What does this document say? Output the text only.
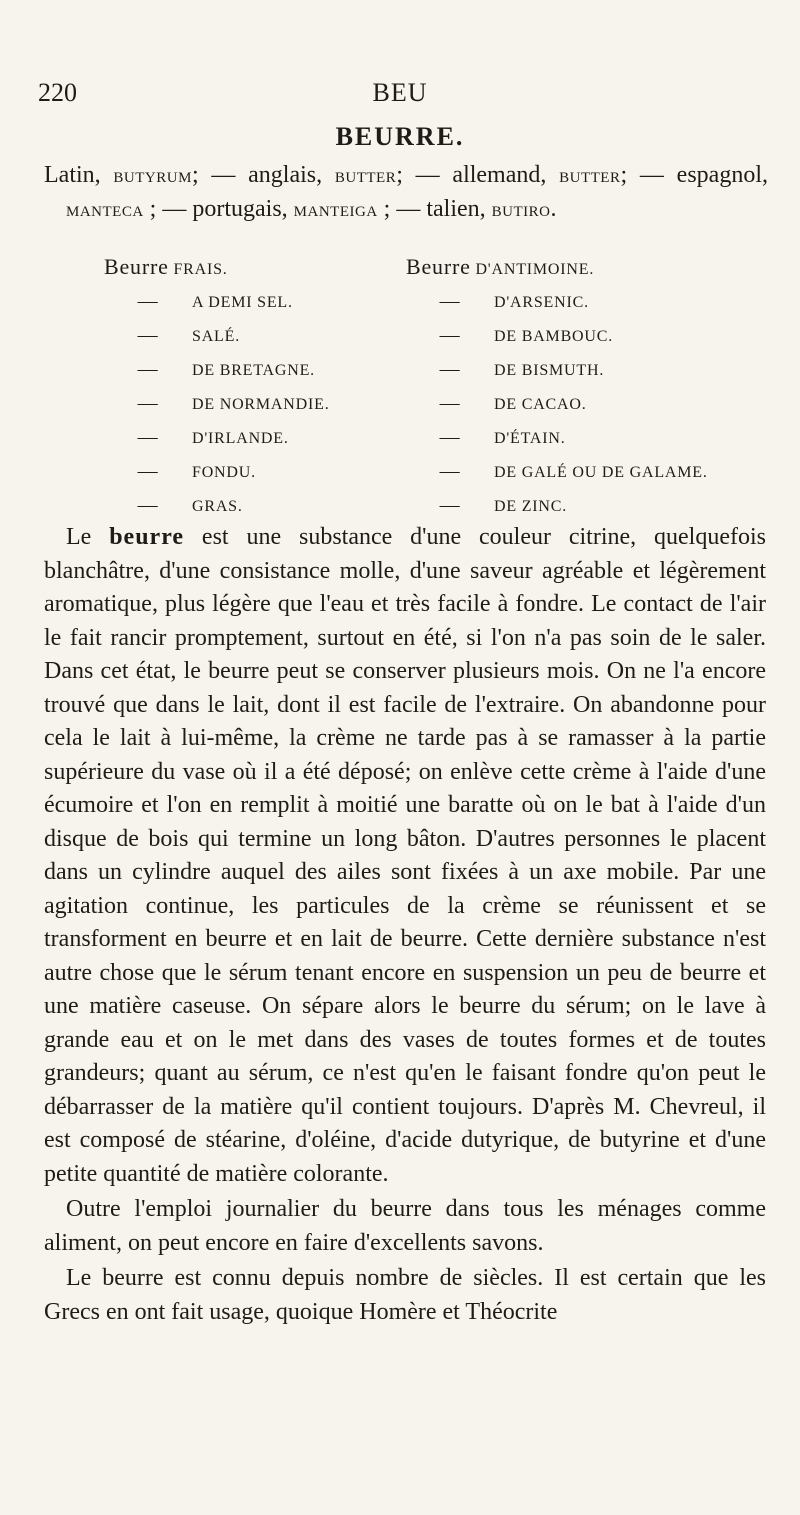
220	BEU
BEURRE.

Latin, BUTYRUM; — anglais, BUTTER; — allemand, BUTTER; — espagnol, MANTECA ; — portugais, MANTEIGA ; — talien, BUTIRO.

Beurre FRAIS.
— A DEMI SEL.
— SALÉ.
— DE BRETAGNE.
— DE NORMANDIE.
— D'IRLANDE.
— FONDU.
— GRAS.
Beurre D'ANTIMOINE.
— D'ARSENIC.
— DE BAMBOUC.
— DE BISMUTH.
— DE CACAO.
— D'ÉTAIN.
— DE GALÉ OU DE GALAME.
— DE ZINC.

Le beurre est une substance d'une couleur citrine, quelquefois blanchâtre, d'une consistance molle, d'une saveur agréable et légèrement aromatique, plus légère que l'eau et très facile à fondre. Le contact de l'air le fait rancir promptement, surtout en été, si l'on n'a pas soin de le saler. Dans cet état, le beurre peut se conserver plusieurs mois. On ne l'a encore trouvé que dans le lait, dont il est facile de l'extraire. On abandonne pour cela le lait à lui-même, la crème ne tarde pas à se ramasser à la partie supérieure du vase où il a été déposé; on enlève cette crème à l'aide d'une écumoire et l'on en remplit à moitié une baratte où on le bat à l'aide d'un disque de bois qui termine un long bâton. D'autres personnes le placent dans un cylindre auquel des ailes sont fixées à un axe mobile. Par une agitation continue, les particules de la crème se réunissent et se transforment en beurre et en lait de beurre. Cette dernière substance n'est autre chose que le sérum tenant encore en suspension un peu de beurre et une matière caseuse. On sépare alors le beurre du sérum; on le lave à grande eau et on le met dans des vases de toutes formes et de toutes grandeurs; quant au sérum, ce n'est qu'en le faisant fondre qu'on peut le débarrasser de la matière qu'il contient toujours. D'après M. Chevreul, il est composé de stéarine, d'oléine, d'acide dutyrique, de butyrine et d'une petite quantité de matière colorante.

Outre l'emploi journalier du beurre dans tous les ménages comme aliment, on peut encore en faire d'excellents savons.

Le beurre est connu depuis nombre de siècles. Il est certain que les Grecs en ont fait usage, quoique Homère et Théocrite
